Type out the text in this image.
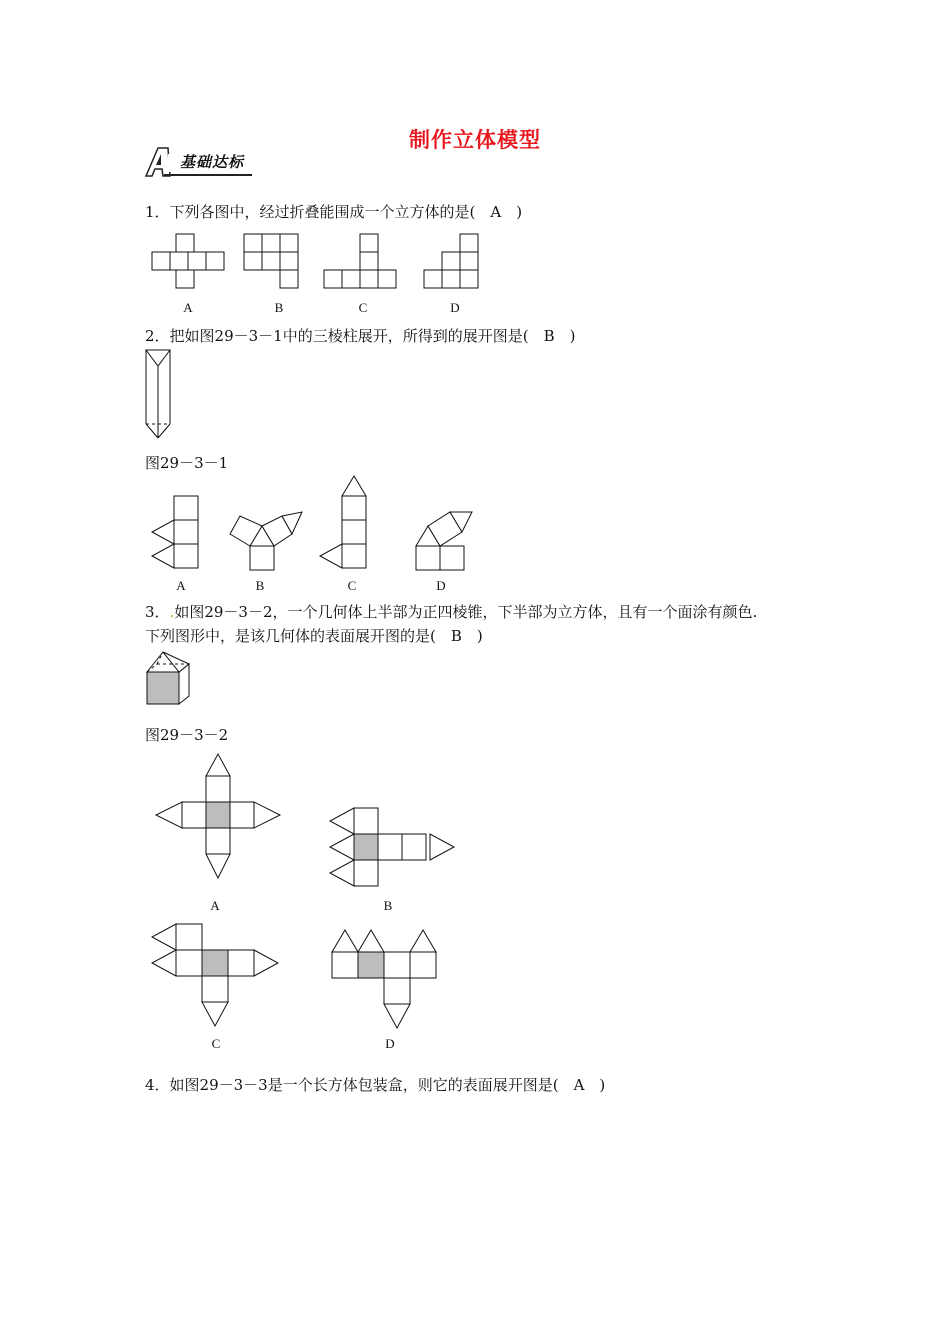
制作立体模型
基础达标
1．下列各图中，经过折叠能围成一个立方体的是(　A　)
A	B	C	D
2．把如图29－3－1中的三棱柱展开，所得到的展开图是(　B　)
图29－3－1
A	B	C	D
3．.如图29－3－2，一个几何体上半部为正四棱锥，下半部为立方体，且有一个面涂有颜色.
下列图形中，是该几何体的表面展开图的是(　B　)
图29－3－2
A	B
C	D
4．如图29－3－3是一个长方体包装盒，则它的表面展开图是(　A　)
